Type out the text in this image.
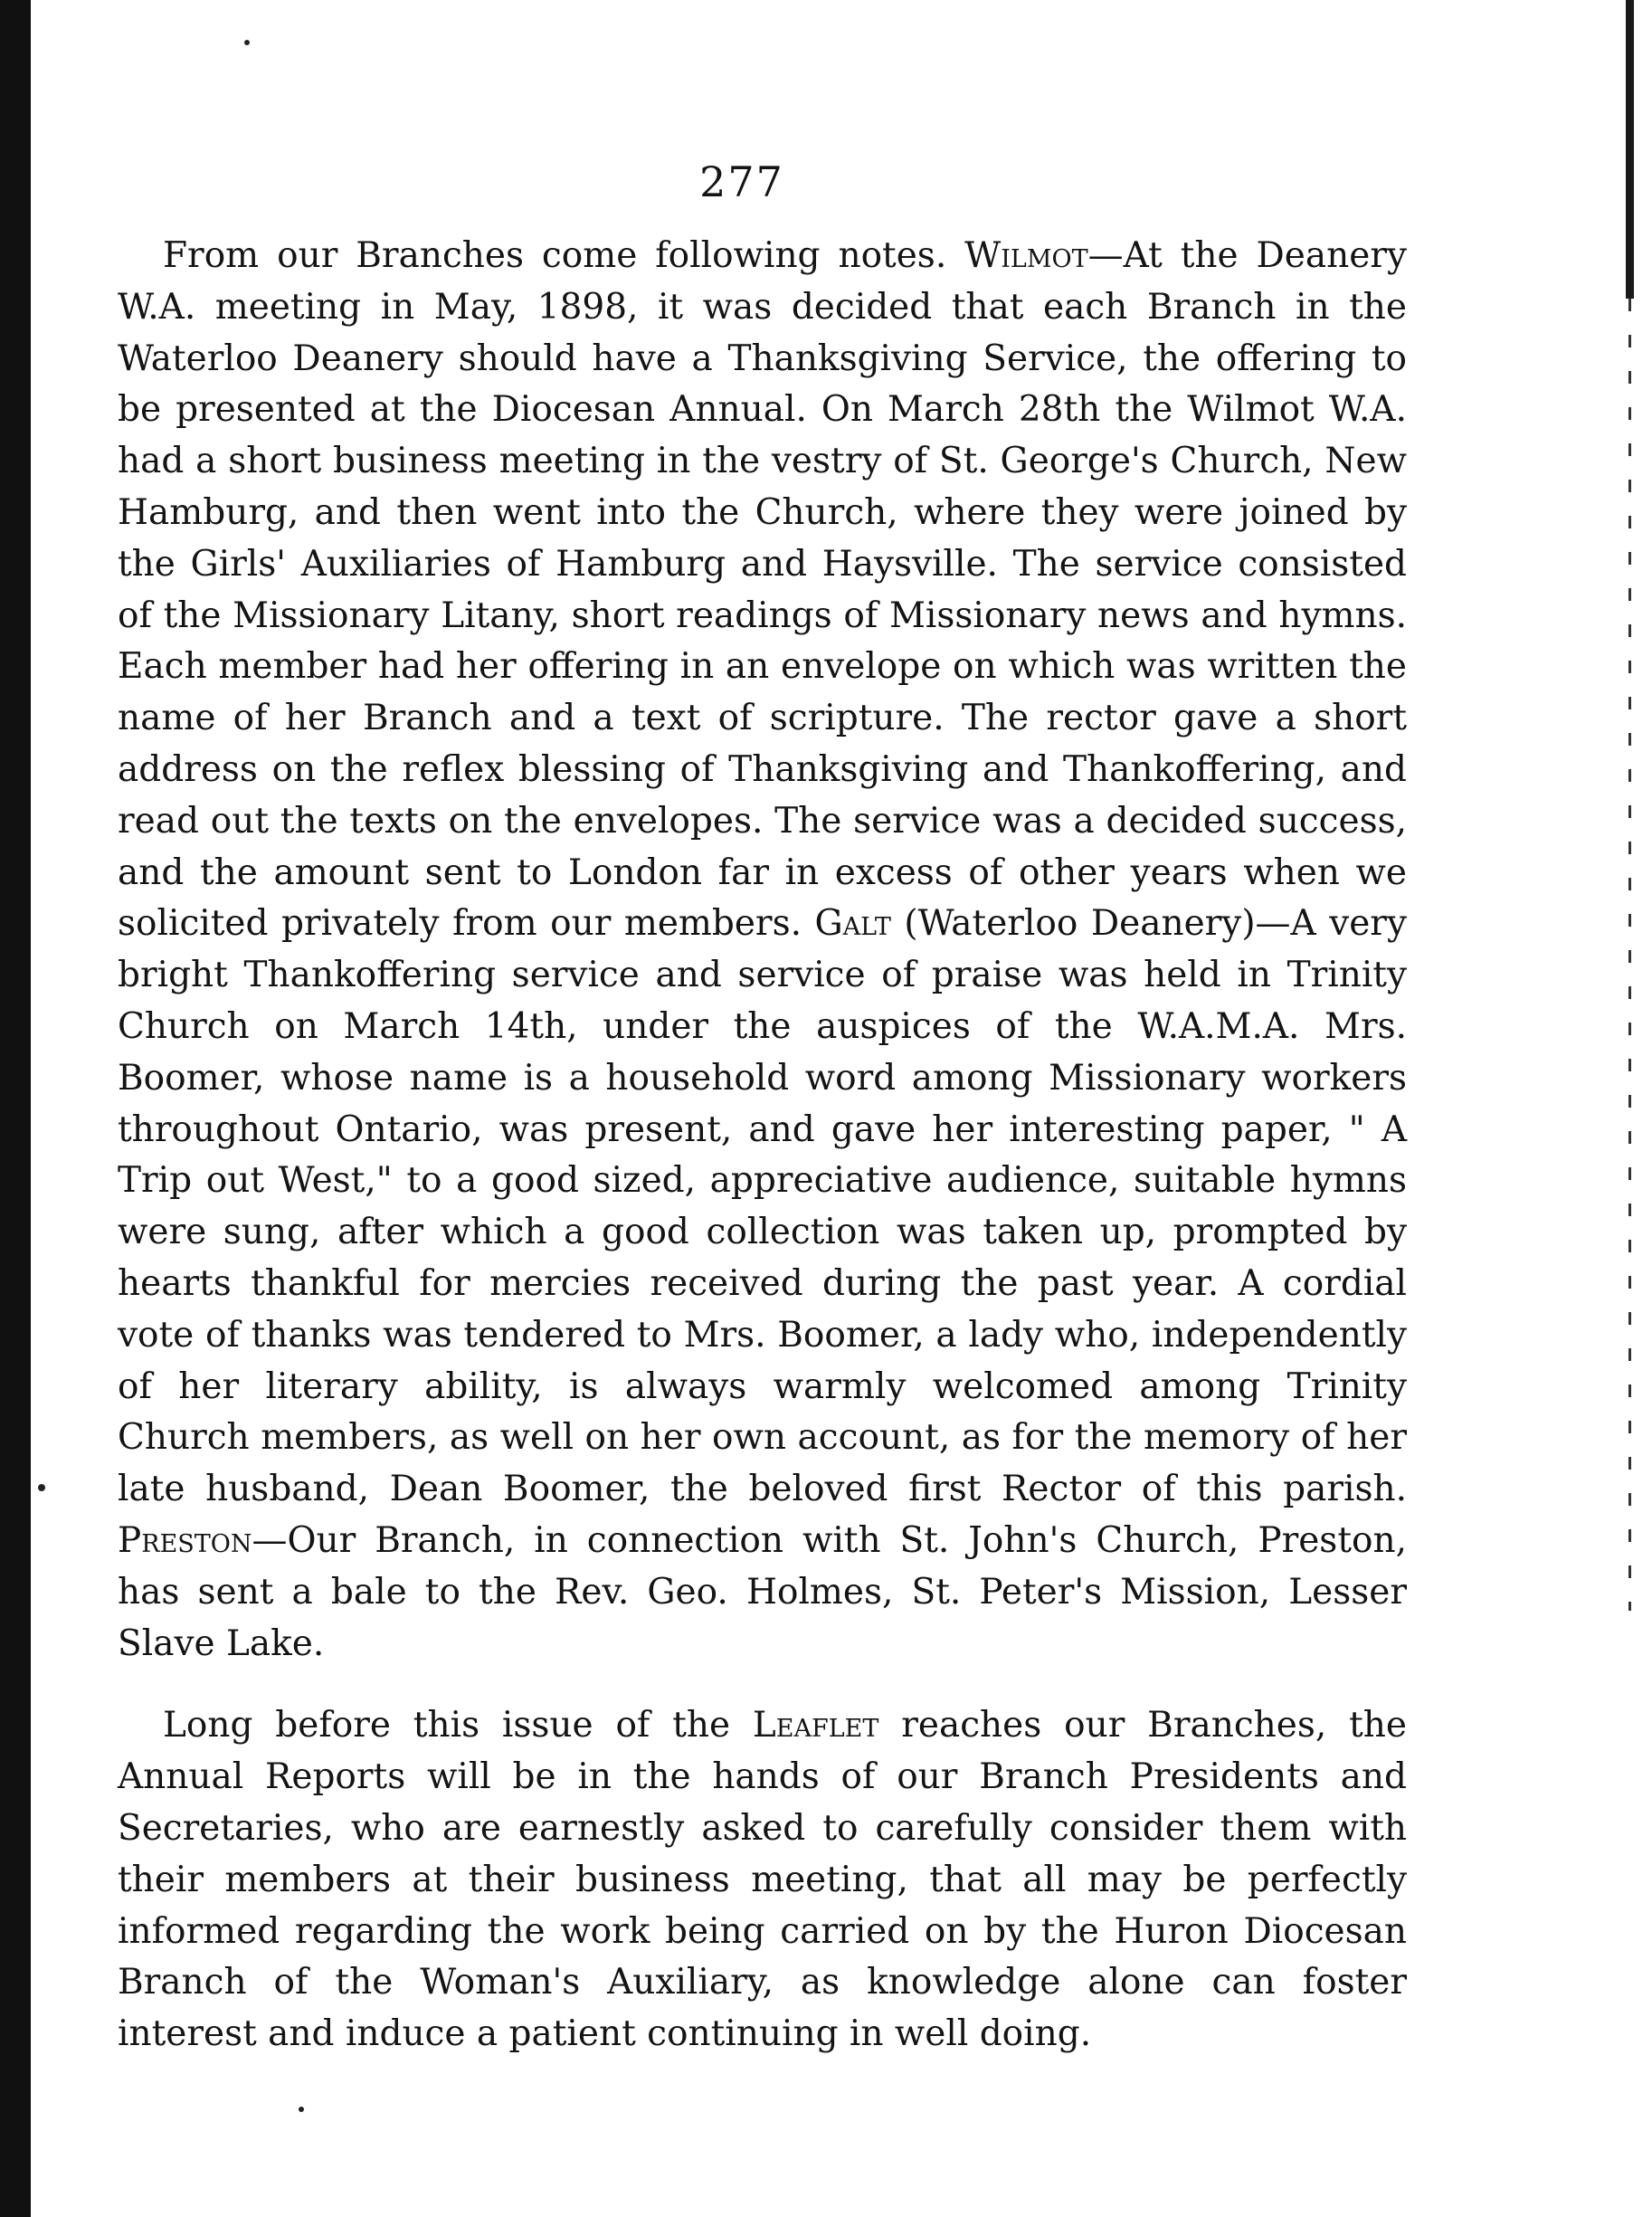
277

From our Branches come following notes. Wilmot—At the Deanery W.A. meeting in May, 1898, it was decided that each Branch in the Waterloo Deanery should have a Thanksgiving Service, the offering to be presented at the Diocesan Annual. On March 28th the Wilmot W.A. had a short business meeting in the vestry of St. George's Church, New Hamburg, and then went into the Church, where they were joined by the Girls' Auxiliaries of Hamburg and Haysville. The service consisted of the Missionary Litany, short readings of Missionary news and hymns. Each member had her offering in an envelope on which was written the name of her Branch and a text of scripture. The rector gave a short address on the reflex blessing of Thanksgiving and Thankoffering, and read out the texts on the envelopes. The service was a decided success, and the amount sent to London far in excess of other years when we solicited privately from our members. Galt (Waterloo Deanery)—A very bright Thankoffering service and service of praise was held in Trinity Church on March 14th, under the auspices of the W.A.M.A. Mrs. Boomer, whose name is a household word among Missionary workers throughout Ontario, was present, and gave her interesting paper, " A Trip out West," to a good sized, appreciative audience, suitable hymns were sung, after which a good collection was taken up, prompted by hearts thankful for mercies received during the past year. A cordial vote of thanks was tendered to Mrs. Boomer, a lady who, independently of her literary ability, is always warmly welcomed among Trinity Church members, as well on her own account, as for the memory of her late husband, Dean Boomer, the beloved first Rector of this parish. Preston—Our Branch, in connection with St. John's Church, Preston, has sent a bale to the Rev. Geo. Holmes, St. Peter's Mission, Lesser Slave Lake.

Long before this issue of the Leaflet reaches our Branches, the Annual Reports will be in the hands of our Branch Presidents and Secretaries, who are earnestly asked to carefully consider them with their members at their business meeting, that all may be perfectly informed regarding the work being carried on by the Huron Diocesan Branch of the Woman's Auxiliary, as knowledge alone can foster interest and induce a patient continuing in well doing.
